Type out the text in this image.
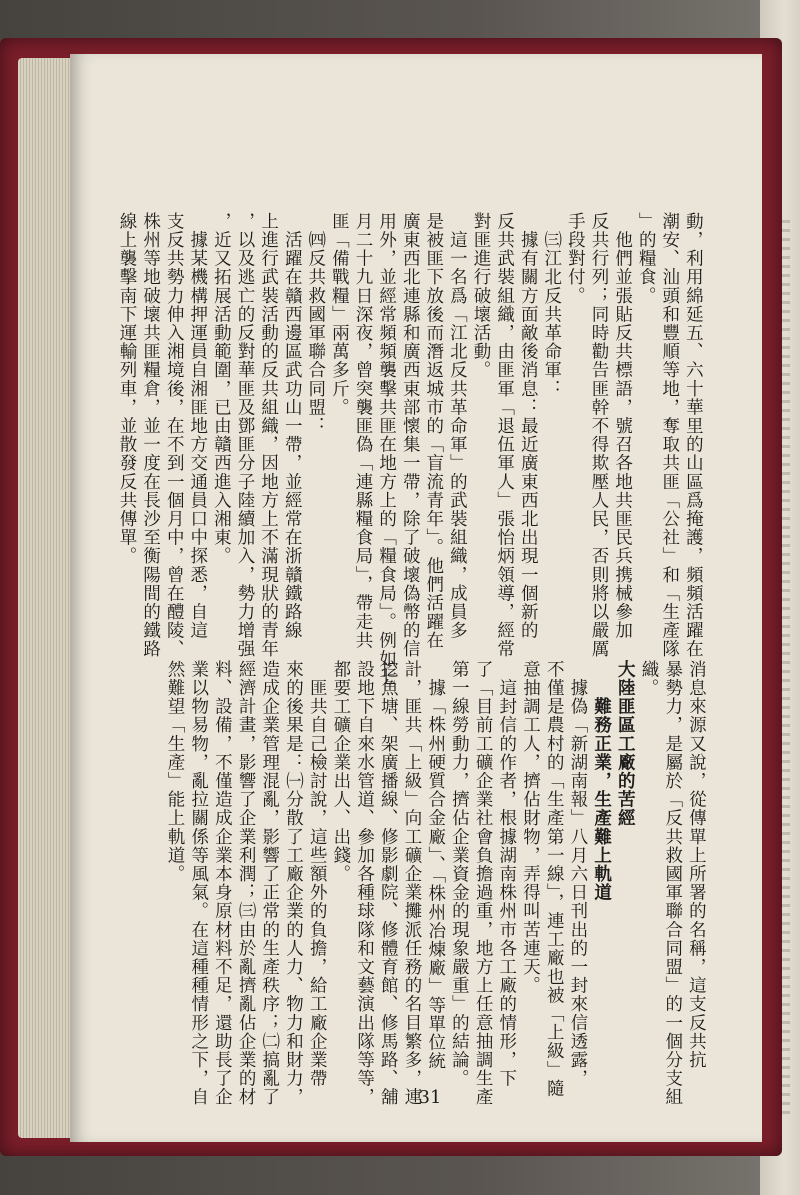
動，利用綿延五、六十華里的山區爲掩護，頻頻活躍在
潮安、汕頭和豐順等地，奪取共匪「公社」和「生產隊
」的糧食。
　他們並張貼反共標語，號召各地共匪民兵携械參加
反共行列；同時勸告匪幹不得欺壓人民，否則將以嚴厲
手段對付。
　㈢江北反共革命軍：
　據有關方面敵後消息：最近廣東西北出現一個新的
反共武裝組織，由匪軍「退伍軍人」張怡炳領導，經常
對匪進行破壞活動。
　這一名爲「江北反共革命軍」的武裝組織，成員多
是被匪下放後而潛返城市的「盲流青年」。他們活躍在
廣東西北連縣和廣西東部懷集一帶，除了破壞偽幣的信
用外，並經常頻頻襲擊共匪在地方上的「糧食局」。例如七
月二十九日深夜，曾突襲匪偽「連縣糧食局」，帶走共
匪「備戰糧」兩萬多斤。
　㈣反共救國軍聯合同盟：
　活躍在贛西邊區武功山一帶，並經常在浙贛鐵路線
上進行武裝活動的反共組織，因地方上不滿現狀的青年
，以及逃亡的反對華匪及鄧匪分子陸續加入，勢力增强
，近又拓展活動範圍，已由贛西進入湘東。
　據某機構押運員自湘匪地方交通員口中探悉，自這
支反共勢力伸入湘境後，在不到一個月中，曾在醴陵、
株州等地破壞共匪糧倉，並一度在長沙至衡陽間的鐵路
線上襲擊南下運輸列車，並散發反共傳單。
消息來源又說，從傳單上所署的名稱，這支反共抗
暴勢力，是屬於「反共救國軍聯合同盟」的一個分支組
織。
大陸匪區工廠的苦經
　　難務正業，生產難上軌道
　據偽「新湖南報」八月六日刊出的一封來信透露，
不僅是農村的「生產第一線」，連工廠也被「上級」隨
意抽調工人，擠佔財物，弄得叫苦連天。
　這封信的作者，根據湖南株州市各工廠的情形，下
了「目前工礦企業社會負擔過重，地方上任意抽調生產
第一線勞動力，擠佔企業資金的現象嚴重」的結論。
　據「株州硬質合金廠」、「株州冶煉廠」等單位統
計，匪共「上級」向工礦企業攤派任務的名目繁多，連
挖魚塘、架廣播線、修影劇院、修體育館、修馬路、舖
設地下自來水管道、參加各種球隊和文藝演出隊等等，
都要工礦企業出人、出錢。
　匪共自己檢討說，這些額外的負擔，給工廠企業帶
來的後果是：㈠分散了工廠企業的人力、物力和財力，
造成企業管理混亂，影響了正常的生產秩序；㈡搞亂了
經濟計畫，影響了企業利潤；㈢由於亂擠亂佔企業的材
料、設備，不僅造成企業本身原材料不足，還助長了企
業以物易物，亂拉關係等風氣。在這種種情形之下，自
然難望「生產」能上軌道。
31
